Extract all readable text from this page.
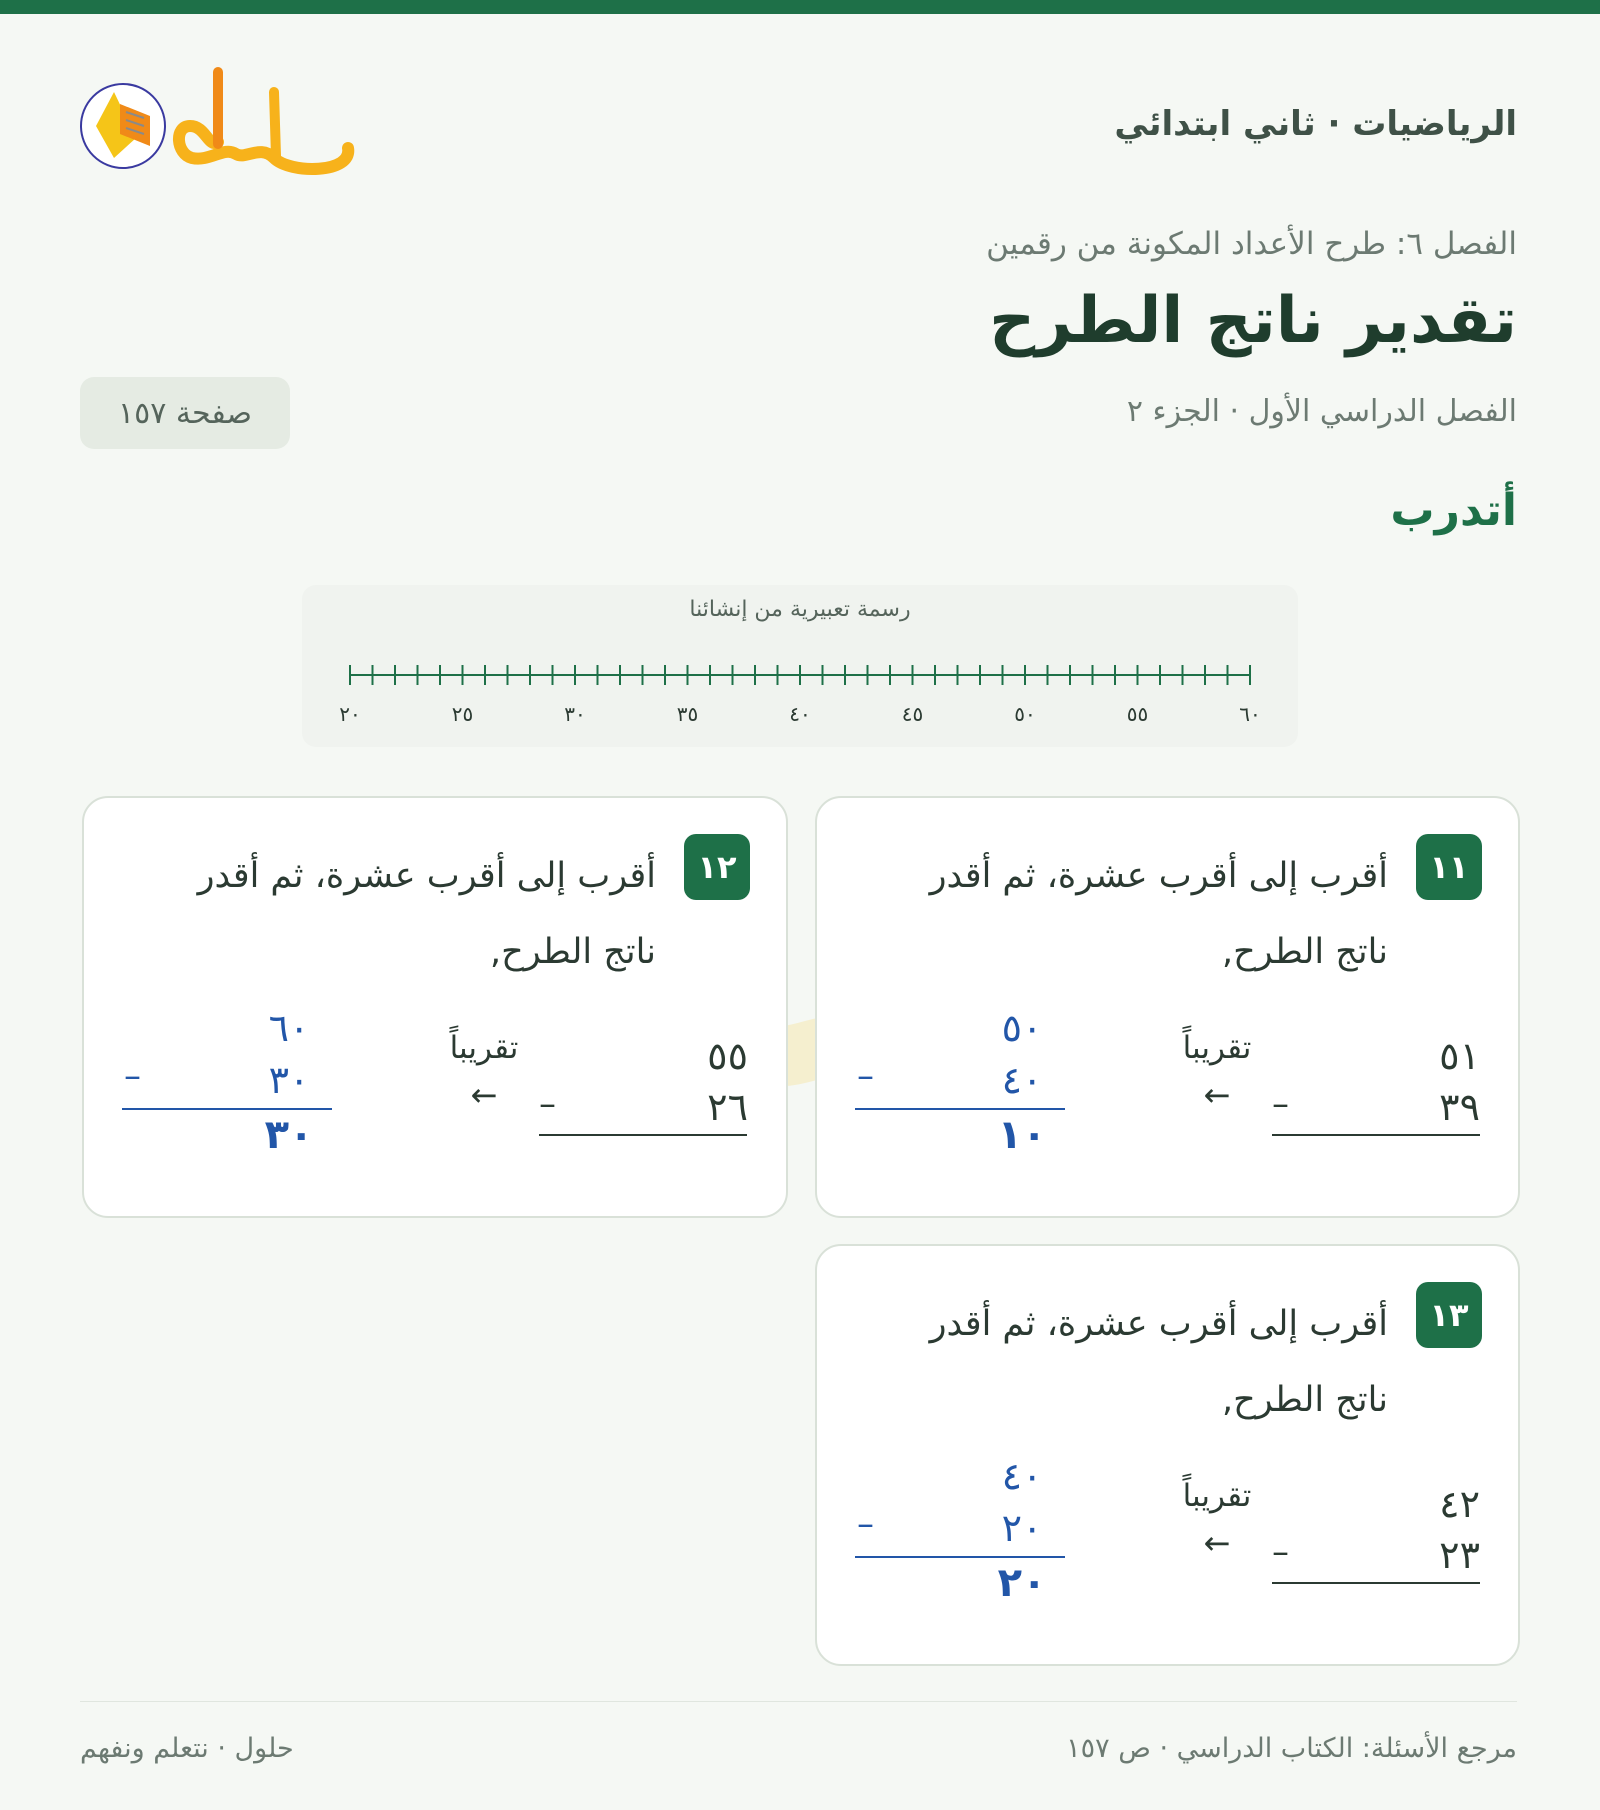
الرياضيات · ثاني ابتدائي
الفصل ٦: طرح الأعداد المكونة من رقمين
تقدير ناتج الطرح
الفصل الدراسي الأول · الجزء ٢
صفحة ١٥٧
أتدرب
رسمة تعبيرية من إنشائنا
٢٠	٢٥	٣٠	٣٥	٤٠	٤٥	٥٠	٥٥	٦٠
١١
أقرب إلى أقرب عشرة، ثم أقدر ناتج الطرح,
٥١
٣٩
–
تقريباً
←
٥٠
٤٠
–
١٠
١٢
أقرب إلى أقرب عشرة، ثم أقدر ناتج الطرح,
٥٥
٢٦
–
تقريباً
←
٦٠
٣٠
–
٣٠
١٣
أقرب إلى أقرب عشرة، ثم أقدر ناتج الطرح,
٤٢
٢٣
–
تقريباً
←
٤٠
٢٠
–
٢٠
مرجع الأسئلة: الكتاب الدراسي · ص ١٥٧
حلول · نتعلم ونفهم
